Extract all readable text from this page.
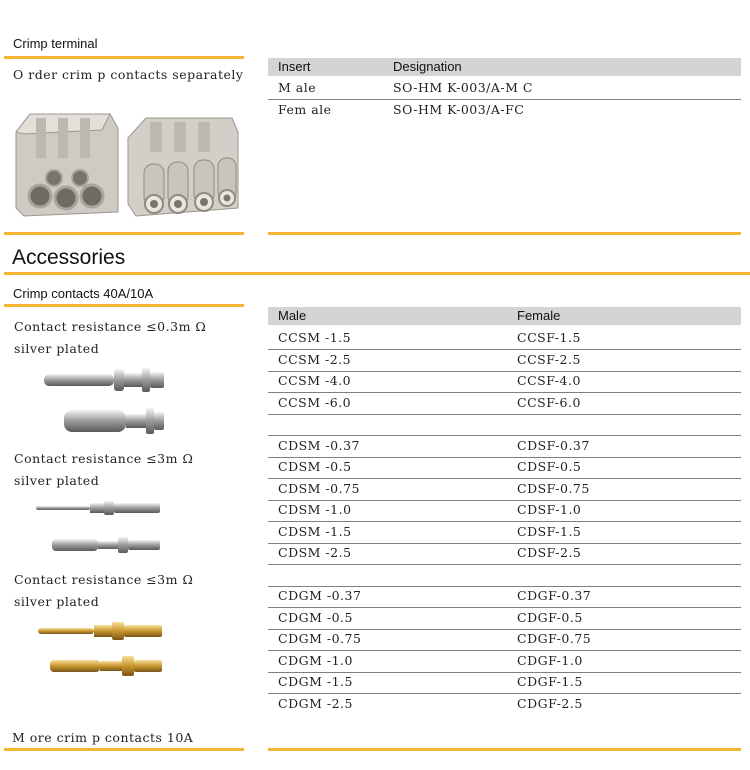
Crimp terminal
O rder crim p contacts separately
Insert	Designation
M ale	SO-HM K-003/A-M C
Fem ale	SO-HM K-003/A-FC
Accessories
Crimp contacts 40A/10A
Contact resistance ≤0.3m Ω
silver plated
Contact resistance ≤3m Ω
silver plated
Contact resistance ≤3m Ω
silver plated
M ore crim p contacts 10A
Male	Female
CCSM -1.5	CCSF-1.5
CCSM -2.5	CCSF-2.5
CCSM -4.0	CCSF-4.0
CCSM -6.0	CCSF-6.0
CDSM -0.37	CDSF-0.37
CDSM -0.5	CDSF-0.5
CDSM -0.75	CDSF-0.75
CDSM -1.0	CDSF-1.0
CDSM -1.5	CDSF-1.5
CDSM -2.5	CDSF-2.5
CDGM -0.37	CDGF-0.37
CDGM -0.5	CDGF-0.5
CDGM -0.75	CDGF-0.75
CDGM -1.0	CDGF-1.0
CDGM -1.5	CDGF-1.5
CDGM -2.5	CDGF-2.5
